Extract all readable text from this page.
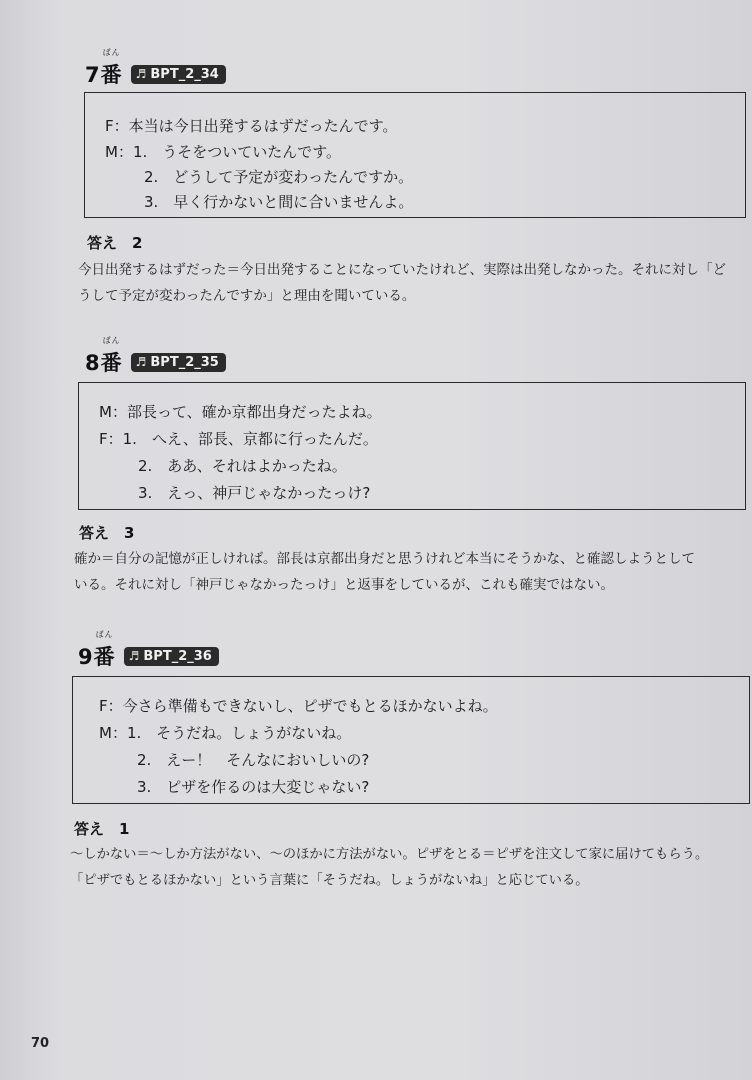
ばん
7番 ♬ BPT_2_34
F：本当は今日出発するはずだったんです。
M：1.　うそをついていたんです。
2.　どうして予定が変わったんですか。
3.　早く行かないと間に合いませんよ。
答え　2

今日出発するはずだった＝今日出発することになっていたけれど、実際は出発しなかった。それに対し「ど

うして予定が変わったんですか」と理由を聞いている。

ばん
8番 ♬ BPT_2_35
M：部長って、確か京都出身だったよね。
F：1.　へえ、部長、京都に行ったんだ。
2.　ああ、それはよかったね。
3.　えっ、神戸じゃなかったっけ?
答え　3

確か＝自分の記憶が正しければ。部長は京都出身だと思うけれど本当にそうかな、と確認しようとして

いる。それに対し「神戸じゃなかったっけ」と返事をしているが、これも確実ではない。

ばん
9番 ♬ BPT_2_36
F：今さら準備もできないし、ピザでもとるほかないよね。
M：1.　そうだね。しょうがないね。
2.　えー！　そんなにおいしいの?
3.　ピザを作るのは大変じゃない?
答え　1

～しかない＝～しか方法がない、～のほかに方法がない。ピザをとる＝ピザを注文して家に届けてもらう。

「ピザでもとるほかない」という言葉に「そうだね。しょうがないね」と応じている。

70
